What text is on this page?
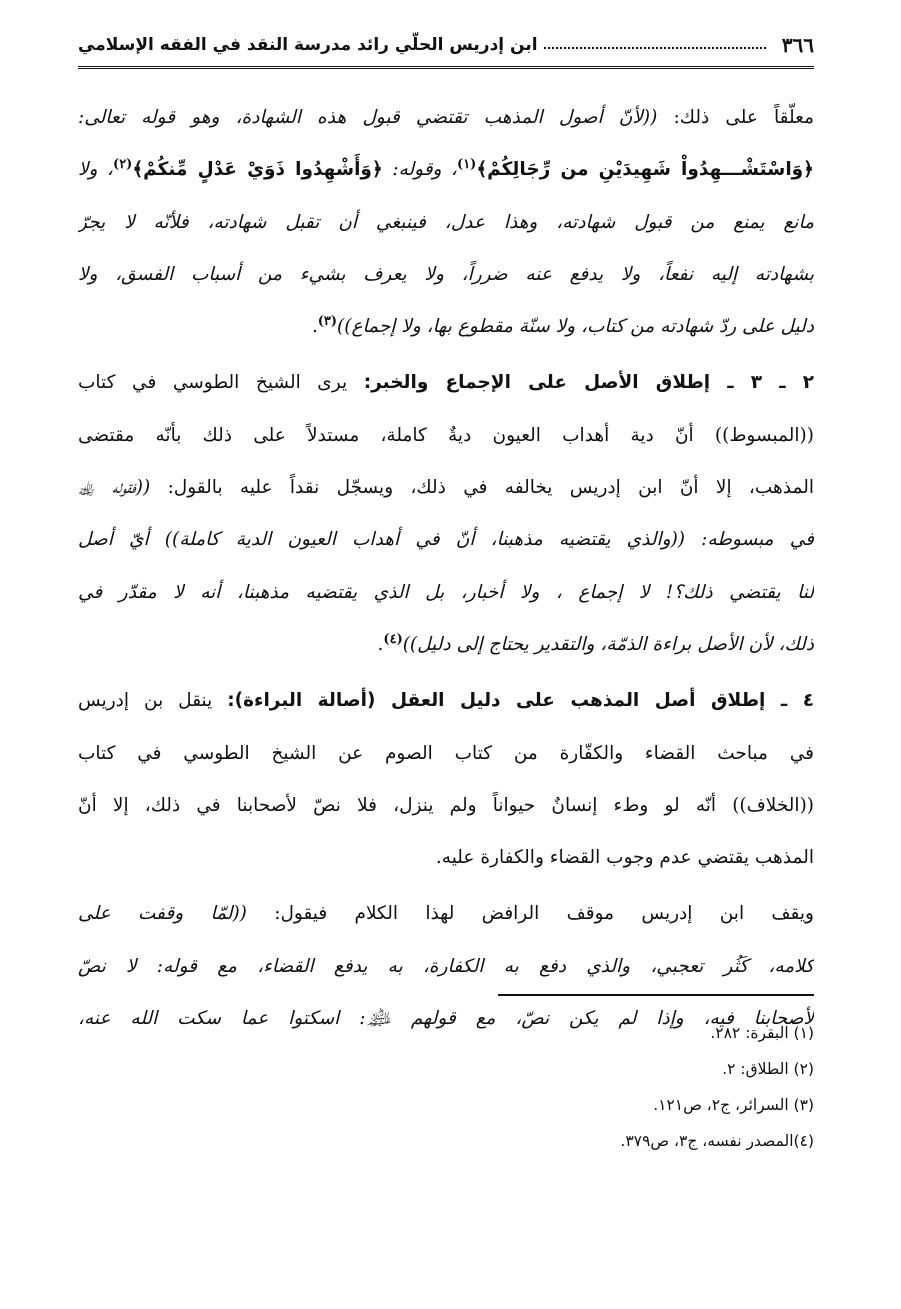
٣٦٦
ابن إدريس الحلّي رائد مدرسة النقد في الفقه الإسلامي
معلّقاً على ذلك: ((لأنّ أصول المذهب تقتضي قبول هذه الشهادة، وهو قوله تعالى:
﴿وَاسْتَشْـــهِدُواْ شَهِيدَيْنِ من رِّجَالِكُمْ﴾$^{(١)}$، وقوله: ﴿وَأَشْهِدُوا ذَوَيْ عَدْلٍ مِّنكُمْ﴾$^{(٢)}$، ولا
مانع يمنع من قبول شهادته، وهذا عدل، فينبغي أن تقبل شهادته، فلأنّه لا يجرّ
بشهادته إليه نفعاً، ولا يدفع عنه ضرراً، ولا يعرف بشيء من أسباب الفسق، ولا
دليل على ردّ شهادته من كتاب، ولا سنّة مقطوع بها، ولا إجماع))$^{(٣)}$.
٢ ـ ٣ ـ إطلاق الأصل على الإجماع والخبر: يرى الشيخ الطوسي في كتاب
((المبسوط)) أنّ دية أهداب العيون ديةٌ كاملة، مستدلاً على ذلك بأنّه مقتضى
المذهب، إلا أنّ ابن إدريس يخالفه في ذلك، ويسجّل نقداً عليه بالقول: ((فقوله ﵀
في مبسوطه: ((والذي يقتضيه مذهبنا، أنّ في أهداب العيون الدية كاملة)) أيّ أصل
لنا يقتضي ذلك؟! لا إجماع ، ولا أخبار، بل الذي يقتضيه مذهبنا، أنه لا مقدّر في
ذلك، لأن الأصل براءة الذمّة، والتقدير يحتاج إلى دليل))$^{(٤)}$.
٤ ـ إطلاق أصل المذهب على دليل العقل (أصالة البراءة): ينقل بن إدريس
في مباحث القضاء والكفّارة من كتاب الصوم عن الشيخ الطوسي في كتاب
((الخلاف)) أنّه لو وطء إنسانٌ حيواناً ولم ينزل، فلا نصّ لأصحابنا في ذلك، إلا أنّ
المذهب يقتضي عدم وجوب القضاء والكفارة عليه.
ويقف ابن إدريس موقف الرافض لهذا الكلام فيقول: ((لمّا وقفت على
كلامه، كَثُر تعجبي، والذي دفع به الكفارة، به يدفع القضاء، مع قوله: لا نصّ
لأصحابنا فيه، وإذا لم يكن نصّ، مع قولهم ﵈: اسكتوا عما سكت الله عنه،
(١) البقرة: ٢٨٢.
(٢) الطلاق: ٢.
(٣) السرائر، ج٢، ص١٢١.
(٤)المصدر نفسه، ج٣، ص٣٧٩.
